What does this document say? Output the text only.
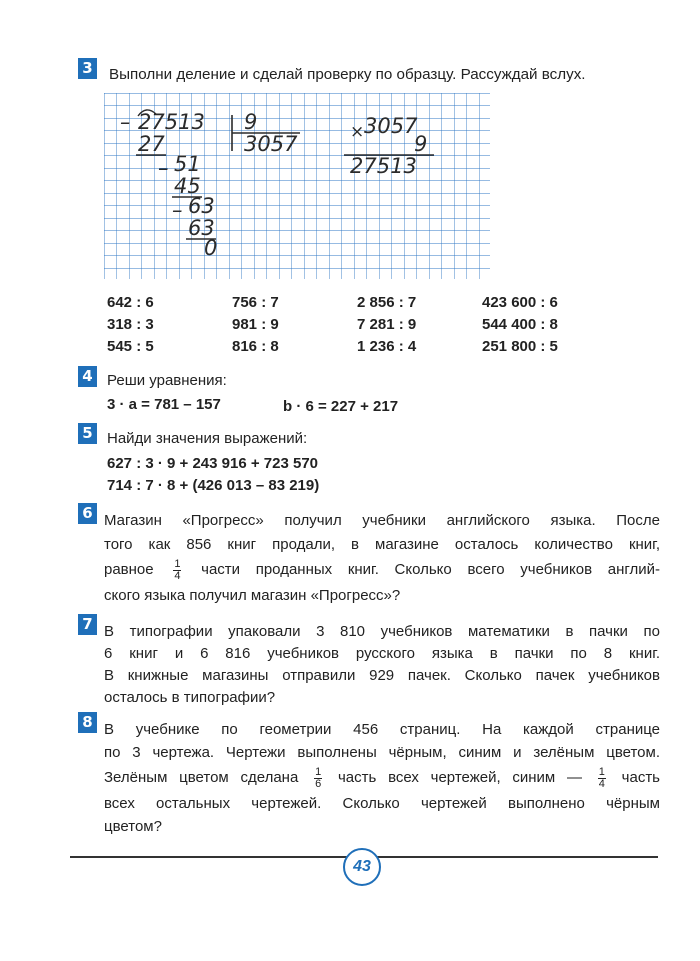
3 Выполни деление и сделай проверку по образцу. Рассуждай вслух.
– 27513 9
3057
27
– 51
45
– 63
63
0
× 3057
9
27513
642 : 6
318 : 3
545 : 5
756 : 7
981 : 9
816 : 8
2 856 : 7
7 281 : 9
1 236 : 4
423 600 : 6
544 400 : 8
251 800 : 5
4 Реши уравнения:
3 · a = 781 – 157	b · 6 = 227 + 217
5 Найди значения выражений:
627 : 3 · 9 + 243 916 + 723 570
714 : 7 · 8 + (426 013 – 83 219)
6 Магазин «Прогресс» получил учебники английского языка. После
того как 856 книг продали, в магазине осталось количество книг,
равное $\frac{1}{4}$ части проданных книг. Сколько всего учебников англий-
ского языка получил магазин «Прогресс»?
7 В типографии упаковали 3 810 учебников математики в пачки по
6 книг и 6 816 учебников русского языка в пачки по 8 книг.
В книжные магазины отправили 929 пачек. Сколько пачек учебников
осталось в типографии?
8 В учебнике по геометрии 456 страниц. На каждой странице
по 3 чертежа. Чертежи выполнены чёрным, синим и зелёным цветом.
Зелёным цветом сделана $\frac{1}{6}$ часть всех чертежей, синим — $\frac{1}{4}$ часть
всех остальных чертежей. Сколько чертежей выполнено чёрным
цветом?
43
